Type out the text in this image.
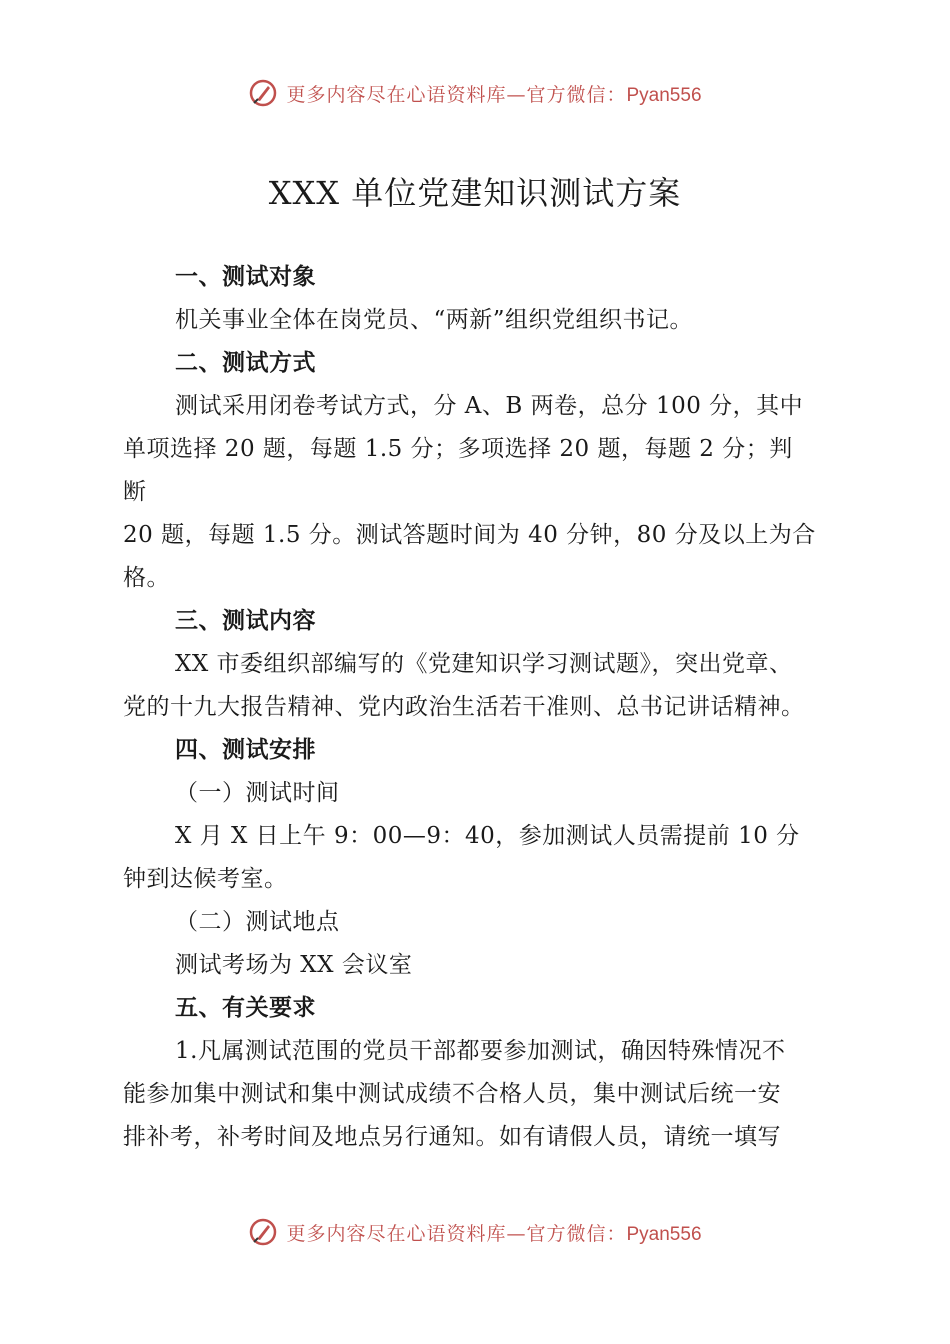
更多内容尽在心语资料库—官方微信：Pyan556
XXX 单位党建知识测试方案
一、测试对象
机关事业全体在岗党员、“两新”组织党组织书记。
二、测试方式
测试采用闭卷考试方式，分 A、B 两卷，总分 100 分，其中
单项选择 20 题，每题 1.5 分；多项选择 20 题，每题 2 分；判
断
20 题，每题 1.5 分。测试答题时间为 40 分钟，80 分及以上为合
格。
三、测试内容
XX 市委组织部编写的《党建知识学习测试题》，突出党章、
党的十九大报告精神、党内政治生活若干准则、总书记讲话精神。
四、测试安排
（一）测试时间
X 月 X 日上午 9：00—9：40，参加测试人员需提前 10 分
钟到达候考室。
（二）测试地点
测试考场为 XX 会议室
五、有关要求
1.凡属测试范围的党员干部都要参加测试，确因特殊情况不
能参加集中测试和集中测试成绩不合格人员，集中测试后统一安
排补考，补考时间及地点另行通知。如有请假人员，请统一填写
更多内容尽在心语资料库—官方微信：Pyan556
